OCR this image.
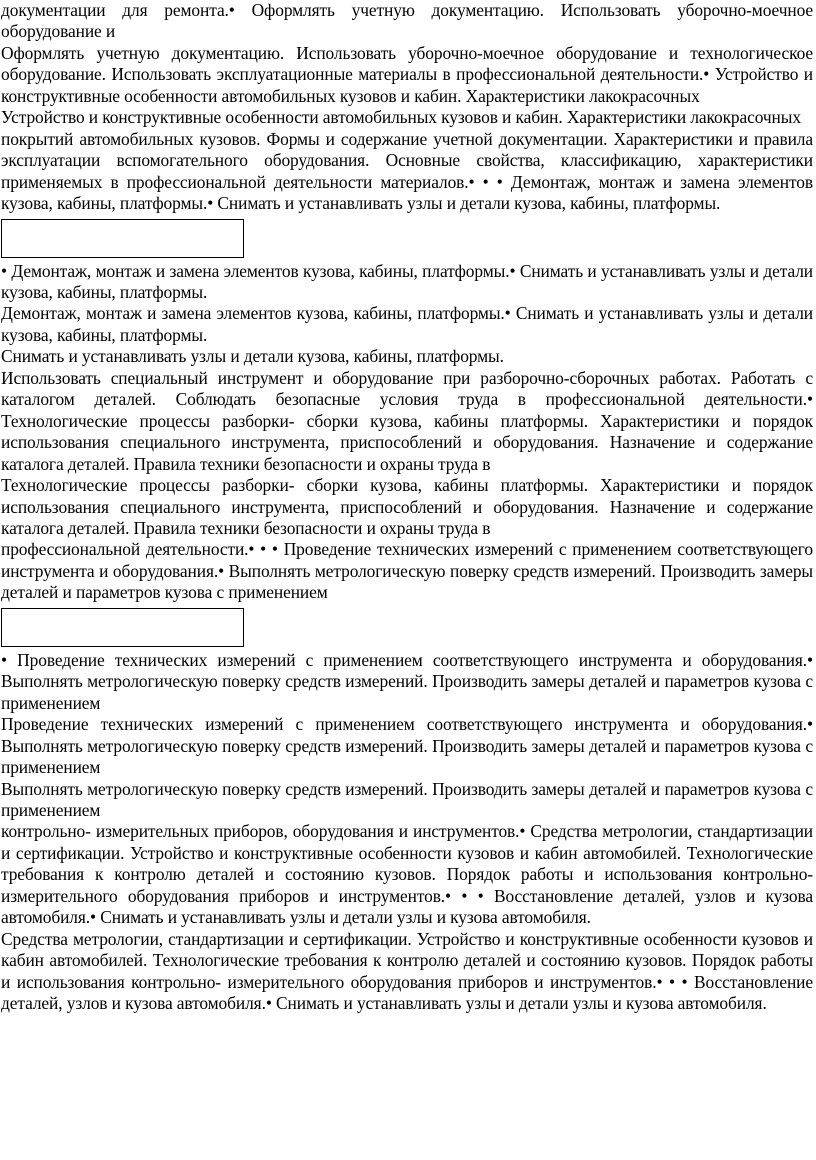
документации для ремонта.• Оформлять учетную документацию. Использовать уборочно-моечное оборудование и

Оформлять учетную документацию. Использовать уборочно-моечное оборудование и технологическое оборудование. Использовать эксплуатационные материалы в профессиональной деятельности.• Устройство и конструктивные особенности автомобильных кузовов и кабин. Характеристики лакокрасочных

Устройство и конструктивные особенности автомобильных кузовов и кабин. Характеристики лакокрасочных

покрытий автомобильных кузовов. Формы и содержание учетной документации. Характеристики и правила эксплуатации вспомогательного оборудования. Основные свойства, классификацию, характеристики применяемых в профессиональной деятельности материалов.• • • Демонтаж, монтаж и замена элементов кузова, кабины, платформы.• Снимать и устанавливать узлы и детали кузова, кабины, платформы.

• Демонтаж, монтаж и замена элементов кузова, кабины, платформы.• Снимать и устанавливать узлы и детали кузова, кабины, платформы.

Демонтаж, монтаж и замена элементов кузова, кабины, платформы.• Снимать и устанавливать узлы и детали кузова, кабины, платформы.

Снимать и устанавливать узлы и детали кузова, кабины, платформы.

Использовать специальный инструмент и оборудование при разборочно-сборочных работах. Работать с каталогом деталей. Соблюдать безопасные условия труда в профессиональной деятельности.• Технологические процессы разборки- сборки кузова, кабины платформы. Характеристики и порядок использования специального инструмента, приспособлений и оборудования. Назначение и содержание каталога деталей. Правила техники безопасности и охраны труда в

Технологические процессы разборки- сборки кузова, кабины платформы. Характеристики и порядок использования специального инструмента, приспособлений и оборудования. Назначение и содержание каталога деталей. Правила техники безопасности и охраны труда в

профессиональной деятельности.• • • Проведение технических измерений с применением соответствующего инструмента и оборудования.• Выполнять метрологическую поверку средств измерений. Производить замеры деталей и параметров кузова с применением

• Проведение технических измерений с применением соответствующего инструмента и оборудования.• Выполнять метрологическую поверку средств измерений. Производить замеры деталей и параметров кузова с применением

Проведение технических измерений с применением соответствующего инструмента и оборудования.• Выполнять метрологическую поверку средств измерений. Производить замеры деталей и параметров кузова с применением

Выполнять метрологическую поверку средств измерений. Производить замеры деталей и параметров кузова с применением

контрольно- измерительных приборов, оборудования и инструментов.• Средства метрологии, стандартизации и сертификации. Устройство и конструктивные особенности кузовов и кабин автомобилей. Технологические требования к контролю деталей и состоянию кузовов. Порядок работы и использования контрольно- измерительного оборудования приборов и инструментов.• • • Восстановление деталей, узлов и кузова автомобиля.• Снимать и устанавливать узлы и детали узлы и кузова автомобиля.

Средства метрологии, стандартизации и сертификации. Устройство и конструктивные особенности кузовов и кабин автомобилей. Технологические требования к контролю деталей и состоянию кузовов. Порядок работы и использования контрольно- измерительного оборудования приборов и инструментов.• • • Восстановление деталей, узлов и кузова автомобиля.• Снимать и устанавливать узлы и детали узлы и кузова автомобиля.
